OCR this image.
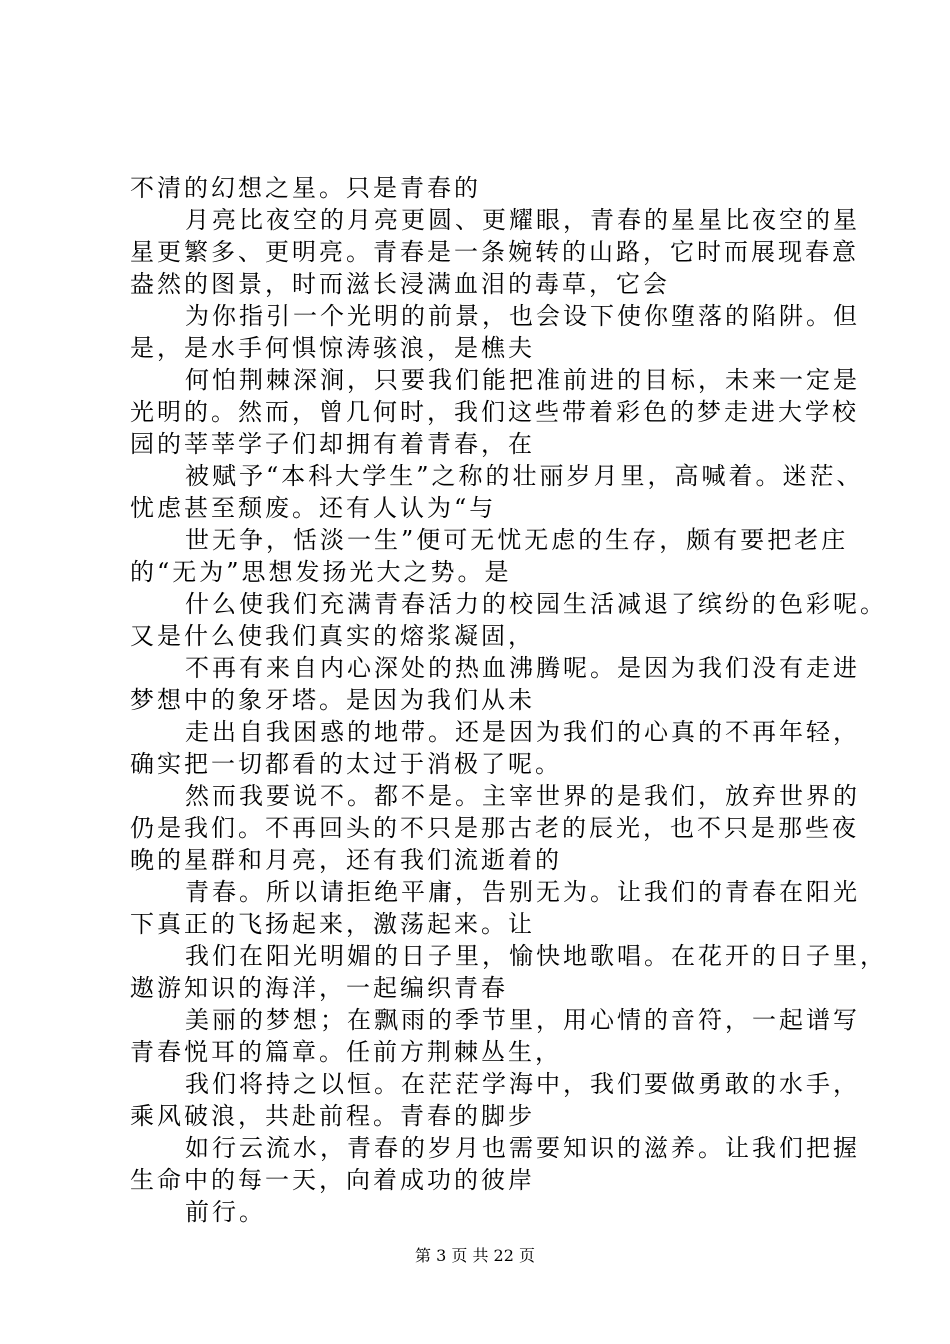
不清的幻想之星。只是青春的
月亮比夜空的月亮更圆、更耀眼，青春的星星比夜空的星
星更繁多、更明亮。青春是一条婉转的山路，它时而展现春意
盎然的图景，时而滋长浸满血泪的毒草，它会
为你指引一个光明的前景，也会设下使你堕落的陷阱。但
是，是水手何惧惊涛骇浪，是樵夫
何怕荆棘深涧，只要我们能把准前进的目标，未来一定是
光明的。然而，曾几何时，我们这些带着彩色的梦走进大学校
园的莘莘学子们却拥有着青春，在
被赋予“本科大学生”之称的壮丽岁月里，高喊着。迷茫、
忧虑甚至颓废。还有人认为“与
世无争，恬淡一生”便可无忧无虑的生存，颇有要把老庄
的“无为”思想发扬光大之势。是
什么使我们充满青春活力的校园生活减退了缤纷的色彩呢。
又是什么使我们真实的熔浆凝固，
不再有来自内心深处的热血沸腾呢。是因为我们没有走进
梦想中的象牙塔。是因为我们从未
走出自我困惑的地带。还是因为我们的心真的不再年轻，
确实把一切都看的太过于消极了呢。
然而我要说不。都不是。主宰世界的是我们，放弃世界的
仍是我们。不再回头的不只是那古老的辰光，也不只是那些夜
晚的星群和月亮，还有我们流逝着的
青春。所以请拒绝平庸，告别无为。让我们的青春在阳光
下真正的飞扬起来，激荡起来。让
我们在阳光明媚的日子里，愉快地歌唱。在花开的日子里，
遨游知识的海洋，一起编织青春
美丽的梦想；在飘雨的季节里，用心情的音符，一起谱写
青春悦耳的篇章。任前方荆棘丛生，
我们将持之以恒。在茫茫学海中，我们要做勇敢的水手，
乘风破浪，共赴前程。青春的脚步
如行云流水，青春的岁月也需要知识的滋养。让我们把握
生命中的每一天，向着成功的彼岸
前行。
第 3 页 共 22 页
